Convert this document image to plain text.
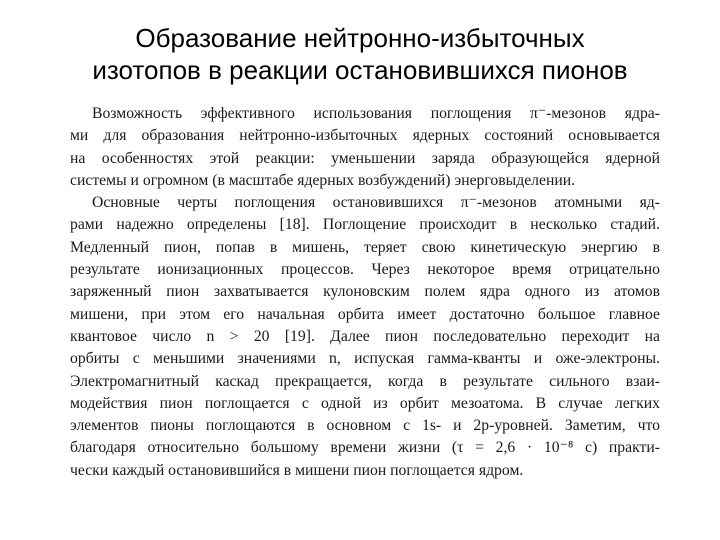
Образование нейтронно-избыточных
изотопов в реакции остановившихся пионов
Возможность эффективного использования поглощения π⁻-мезонов ядра-
ми для образования нейтронно-избыточных ядерных состояний основывается
на особенностях этой реакции: уменьшении заряда образующейся ядерной
системы и огромном (в масштабе ядерных возбуждений) энерговыделении.
Основные черты поглощения остановившихся π⁻-мезонов атомными яд-
рами надежно определены [18]. Поглощение происходит в несколько стадий.
Медленный пион, попав в мишень, теряет свою кинетическую энергию в
результате ионизационных процессов. Через некоторое время отрицательно
заряженный пион захватывается кулоновским полем ядра одного из атомов
мишени, при этом его начальная орбита имеет достаточно большое главное
квантовое число n > 20 [19]. Далее пион последовательно переходит на
орбиты с меньшими значениями n, испуская гамма-кванты и оже-электроны.
Электромагнитный каскад прекращается, когда в результате сильного взаи-
модействия пион поглощается с одной из орбит мезоатома. В случае легких
элементов пионы поглощаются в основном с 1s- и 2p-уровней. Заметим, что
благодаря относительно большому времени жизни (τ = 2,6 · 10⁻⁸ с) практи-
чески каждый остановившийся в мишени пион поглощается ядром.
